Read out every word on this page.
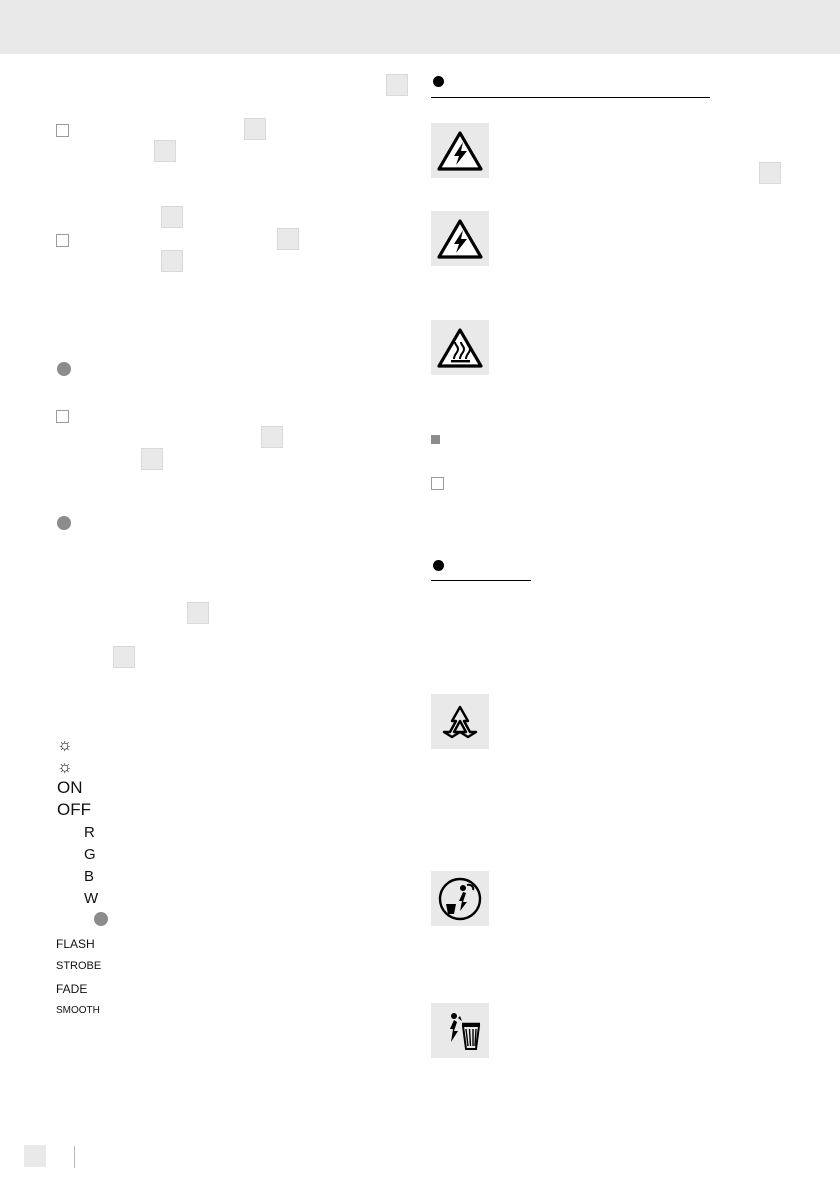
☼
☼
ON
OFF
R
G
B
W
FLASH
STROBE
FADE
SMOOTH
